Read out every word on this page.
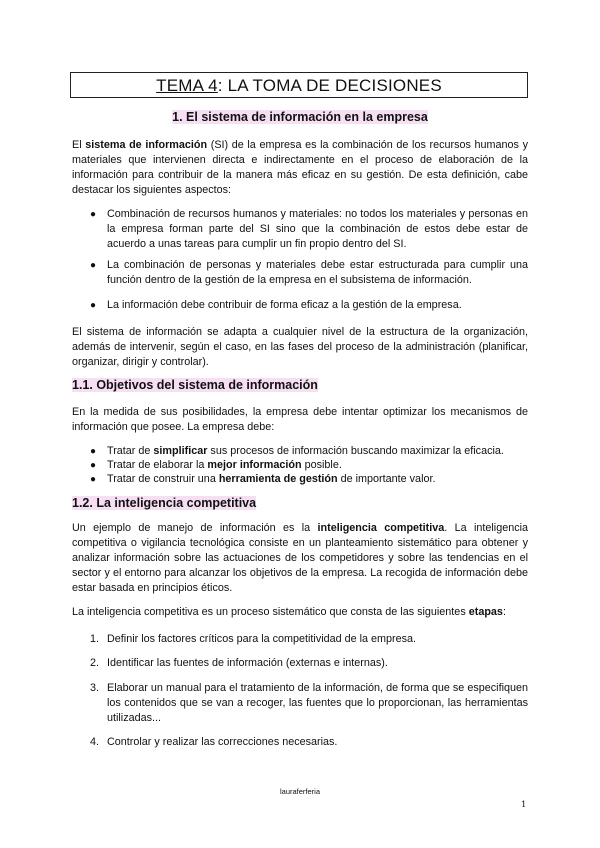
TEMA 4: LA TOMA DE DECISIONES
1. El sistema de información en la empresa
El sistema de información (SI) de la empresa es la combinación de los recursos humanos y materiales que intervienen directa e indirectamente en el proceso de elaboración de la información para contribuir de la manera más eficaz en su gestión. De esta definición, cabe destacar los siguientes aspectos:
● Combinación de recursos humanos y materiales: no todos los materiales y personas en la empresa forman parte del SI sino que la combinación de estos debe estar de acuerdo a unas tareas para cumplir un fin propio dentro del SI.
● La combinación de personas y materiales debe estar estructurada para cumplir una función dentro de la gestión de la empresa en el subsistema de información.
● La información debe contribuir de forma eficaz a la gestión de la empresa.
El sistema de información se adapta a cualquier nivel de la estructura de la organización, además de intervenir, según el caso, en las fases del proceso de la administración (planificar, organizar, dirigir y controlar).
1.1. Objetivos del sistema de información
En la medida de sus posibilidades, la empresa debe intentar optimizar los mecanismos de información que posee. La empresa debe:
● Tratar de simplificar sus procesos de información buscando maximizar la eficacia.
● Tratar de elaborar la mejor información posible.
● Tratar de construir una herramienta de gestión de importante valor.
1.2. La inteligencia competitiva
Un ejemplo de manejo de información es la inteligencia competitiva. La inteligencia competitiva o vigilancia tecnológica consiste en un planteamiento sistemático para obtener y analizar información sobre las actuaciones de los competidores y sobre las tendencias en el sector y el entorno para alcanzar los objetivos de la empresa. La recogida de información debe estar basada en principios éticos.
La inteligencia competitiva es un proceso sistemático que consta de las siguientes etapas:
1. Definir los factores críticos para la competitividad de la empresa.
2. Identificar las fuentes de información (externas e internas).
3. Elaborar un manual para el tratamiento de la información, de forma que se especifiquen los contenidos que se van a recoger, las fuentes que lo proporcionan, las herramientas utilizadas...
4. Controlar y realizar las correcciones necesarias.
lauraferferia
1
